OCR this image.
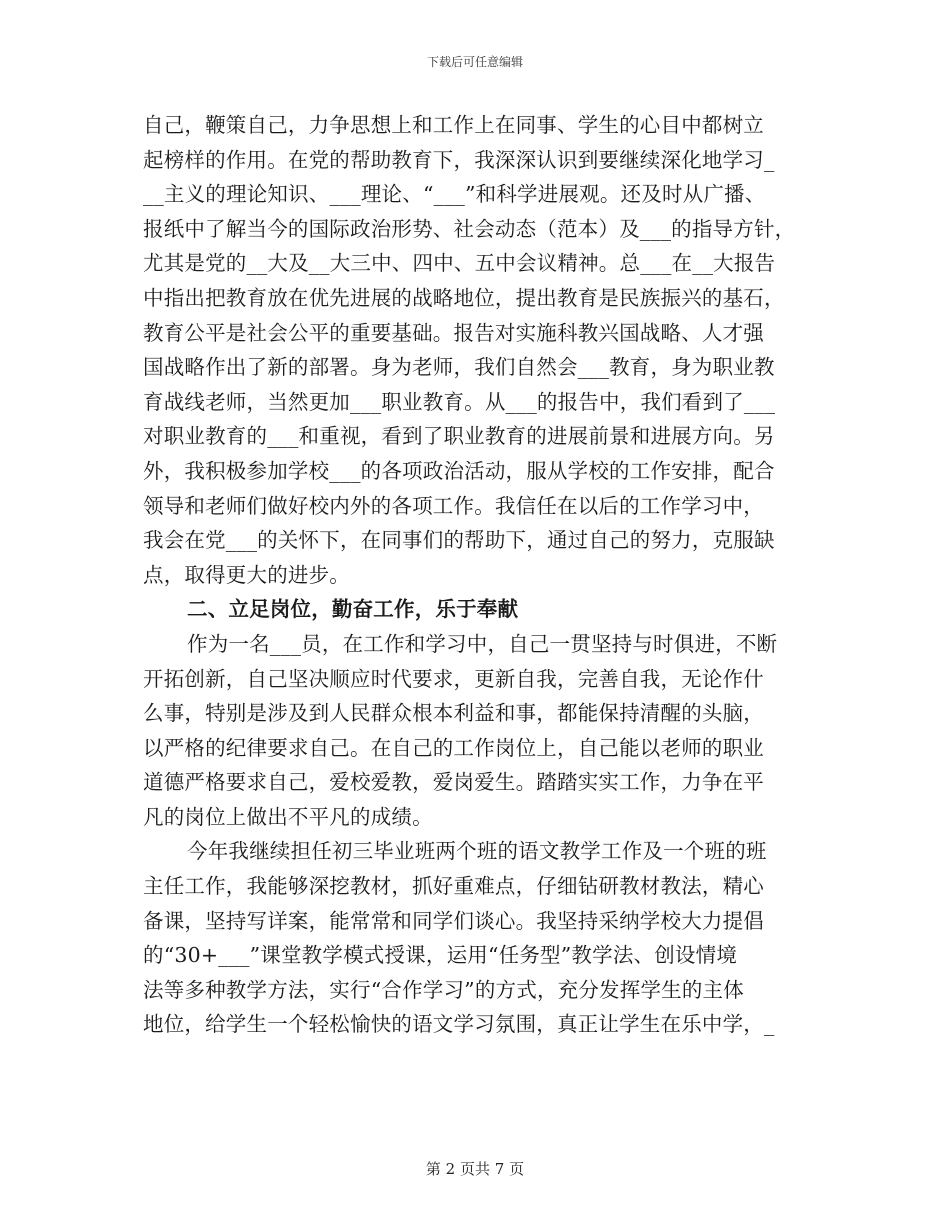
下载后可任意编辑
自己，鞭策自己，力争思想上和工作上在同事、学生的心目中都树立
起榜样的作用。在党的帮助教育下，我深深认识到要继续深化地学习_
__主义的理论知识、___理论、“___”和科学进展观。还及时从广播、
报纸中了解当今的国际政治形势、社会动态（范本）及___的指导方针，
尤其是党的__大及__大三中、四中、五中会议精神。总___在__大报告
中指出把教育放在优先进展的战略地位，提出教育是民族振兴的基石，
教育公平是社会公平的重要基础。报告对实施科教兴国战略、人才强
国战略作出了新的部署。身为老师，我们自然会___教育，身为职业教
育战线老师，当然更加___职业教育。从___的报告中，我们看到了___
对职业教育的___和重视，看到了职业教育的进展前景和进展方向。另
外，我积极参加学校___的各项政治活动，服从学校的工作安排，配合
领导和老师们做好校内外的各项工作。我信任在以后的工作学习中，
我会在党___的关怀下，在同事们的帮助下，通过自己的努力，克服缺
点，取得更大的进步。
二、立足岗位，勤奋工作，乐于奉献
作为一名___员，在工作和学习中，自己一贯坚持与时俱进，不断
开拓创新，自己坚决顺应时代要求，更新自我，完善自我，无论作什
么事，特别是涉及到人民群众根本利益和事，都能保持清醒的头脑，
以严格的纪律要求自己。在自己的工作岗位上，自己能以老师的职业
道德严格要求自己，爱校爱教，爱岗爱生。踏踏实实工作，力争在平
凡的岗位上做出不平凡的成绩。
今年我继续担任初三毕业班两个班的语文教学工作及一个班的班
主任工作，我能够深挖教材，抓好重难点，仔细钻研教材教法，精心
备课，坚持写详案，能常常和同学们谈心。我坚持采纳学校大力提倡
的“30+___”课堂教学模式授课，运用“任务型”教学法、创设情境
法等多种教学方法，实行“合作学习”的方式，充分发挥学生的主体
地位，给学生一个轻松愉快的语文学习氛围，真正让学生在乐中学，_
第 2 页共 7 页
